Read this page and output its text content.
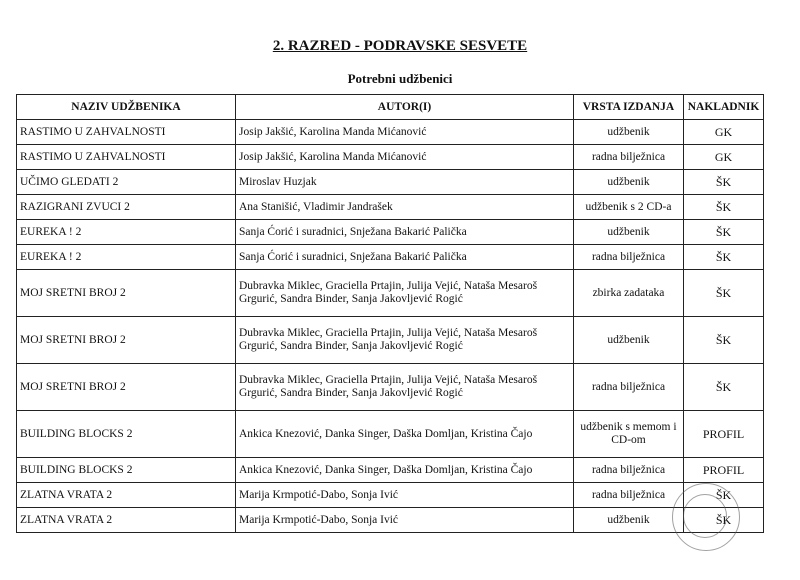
2. RAZRED - PODRAVSKE SESVETE
Potrebni udžbenici
NAZIV UDŽBENIKA	AUTOR(I)	VRSTA IZDANJA	NAKLADNIK
RASTIMO U ZAHVALNOSTI	Josip Jakšić, Karolina Manda Mićanović	udžbenik	GK
RASTIMO U ZAHVALNOSTI	Josip Jakšić, Karolina Manda Mićanović	radna bilježnica	GK
UČIMO GLEDATI 2	Miroslav Huzjak	udžbenik	ŠK
RAZIGRANI ZVUCI 2	Ana Stanišić, Vladimir Jandrašek	udžbenik s 2 CD-a	ŠK
EUREKA ! 2	Sanja Ćorić i suradnici, Snježana Bakarić Palička	udžbenik	ŠK
EUREKA ! 2	Sanja Ćorić i suradnici, Snježana Bakarić Palička	radna bilježnica	ŠK
MOJ SRETNI BROJ 2	Dubravka Miklec, Graciella Prtajin, Julija Vejić, Nataša Mesaroš Grgurić, Sandra Binder, Sanja Jakovljević Rogić	zbirka zadataka	ŠK
MOJ SRETNI BROJ 2	Dubravka Miklec, Graciella Prtajin, Julija Vejić, Nataša Mesaroš Grgurić, Sandra Binder, Sanja Jakovljević Rogić	udžbenik	ŠK
MOJ SRETNI BROJ 2	Dubravka Miklec, Graciella Prtajin, Julija Vejić, Nataša Mesaroš Grgurić, Sandra Binder, Sanja Jakovljević Rogić	radna bilježnica	ŠK
BUILDING BLOCKS 2	Ankica Knezović, Danka Singer, Daška Domljan, Kristina Čajo	udžbenik s memom i CD-om	PROFIL
BUILDING BLOCKS 2	Ankica Knezović, Danka Singer, Daška Domljan, Kristina Čajo	radna bilježnica	PROFIL
ZLATNA VRATA 2	Marija Krmpotić-Dabo, Sonja Ivić	radna bilježnica	ŠK
ZLATNA VRATA 2	Marija Krmpotić-Dabo, Sonja Ivić	udžbenik	ŠK
